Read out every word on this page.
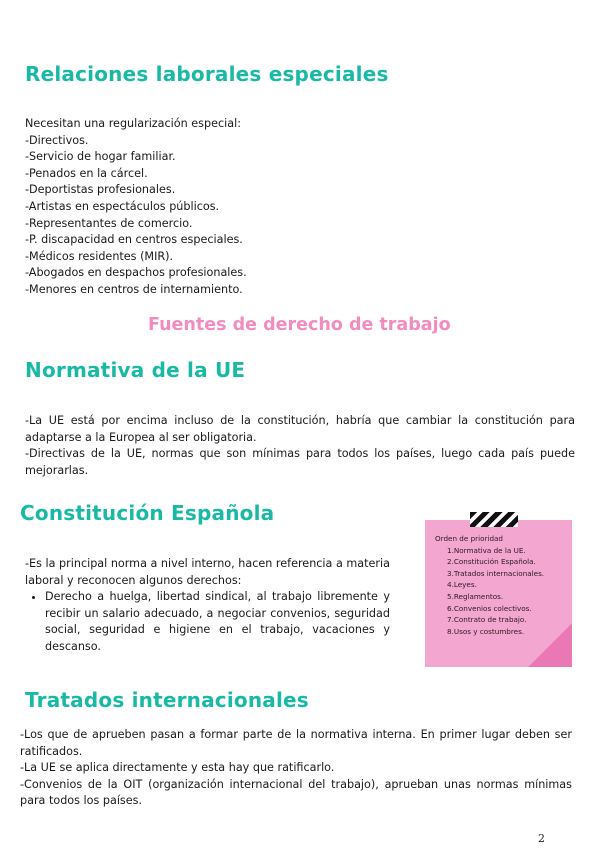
Relaciones laborales especiales
Necesitan una regularización especial:
-Directivos.
-Servicio de hogar familiar.
-Penados en la cárcel.
-Deportistas profesionales.
-Artistas en espectáculos públicos.
-Representantes de comercio.
-P. discapacidad en centros especiales.
-Médicos residentes (MIR).
-Abogados en despachos profesionales.
-Menores en centros de internamiento.
Fuentes de derecho de trabajo
Normativa de la UE

-La UE está por encima incluso de la constitución, habría que cambiar la constitución para adaptarse a la Europea al ser obligatoria.

-Directivas de la UE, normas que son mínimas para todos los países, luego cada país puede mejorarlas.

Constitución Española

-Es la principal norma a nivel interno, hacen referencia a materia laboral y reconocen algunos derechos:

• Derecho a huelga, libertad sindical, al trabajo libremente y recibir un salario adecuado, a negociar convenios, seguridad social, seguridad e higiene en el trabajo, vacaciones y descanso.
Orden de prioridad
1.Normativa de la UE.
2.Constitución Española.
3.Tratados internacionales.
4.Leyes.
5.Reglamentos.
6.Convenios colectivos.
7.Contrato de trabajo.
8.Usos y costumbres.
Tratados internacionales

-Los que de aprueben pasan a formar parte de la normativa interna. En primer lugar deben ser ratificados.

-La UE se aplica directamente y esta hay que ratificarlo.

-Convenios de la OIT (organización internacional del trabajo), aprueban unas normas mínimas para todos los países.

2
